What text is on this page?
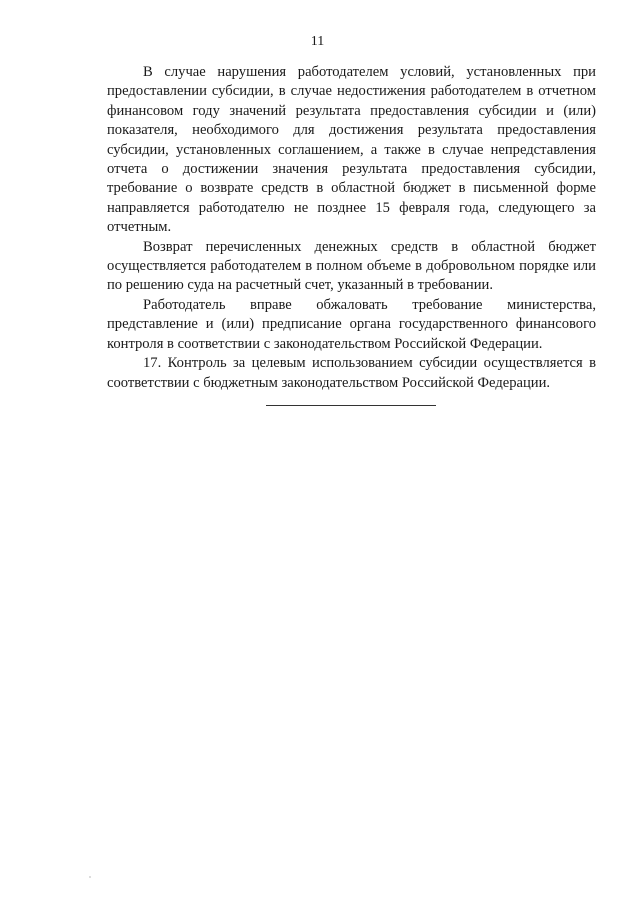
11

В случае нарушения работодателем условий, установленных при предоставлении субсидии, в случае недостижения работодателем в отчетном финансовом году значений результата предоставления субсидии и (или) показателя, необходимого для достижения результата предоставления субсидии, установленных соглашением, а также в случае непредставления отчета о достижении значения результата предоставления субсидии, требование о возврате средств в областной бюджет в письменной форме направляется работодателю не позднее 15 февраля года, следующего за отчетным.

Возврат перечисленных денежных средств в областной бюджет осуществляется работодателем в полном объеме в добровольном порядке или по решению суда на расчетный счет, указанный в требовании.

Работодатель вправе обжаловать требование министерства, представление и (или) предписание органа государственного финансового контроля в соответствии с законодательством Российской Федерации.

17. Контроль за целевым использованием субсидии осуществляется в соответствии с бюджетным законодательством Российской Федерации.
